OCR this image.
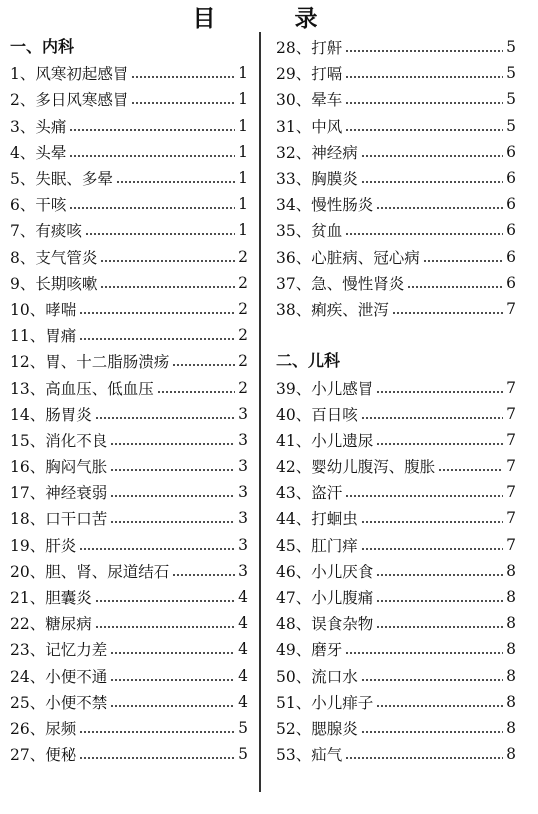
目　录
一、内科
1、 风寒初起感冒	1
2、 多日风寒感冒	1
3、 头痛	1
4、 头晕	1
5、 失眠、多晕	1
6、 干咳	1
7、 有痰咳	1
8、 支气管炎	2
9、 长期咳嗽	2
10、 哮喘	2
11、 胃痛	2
12、 胃、十二脂肠溃疡	2
13、 高血压、低血压	2
14、 肠胃炎	3
15、 消化不良	3
16、 胸闷气胀	3
17、 神经衰弱	3
18、 口干口苦	3
19、 肝炎	3
20、 胆、肾、尿道结石	3
21、 胆囊炎	4
22、 糖尿病	4
23、 记忆力差	4
24、 小便不通	4
25、 小便不禁	4
26、 尿频	5
27、 便秘	5
28、 打鼾	5
29、 打嗝	5
30、 晕车	5
31、 中风	5
32、 神经病	6
33、 胸膜炎	6
34、 慢性肠炎	6
35、 贫血	6
36、 心脏病、冠心病	6
37、 急、慢性肾炎	6
38、 痢疾、泄泻	7
二、儿科
39、 小儿感冒	7
40、 百日咳	7
41、 小儿遗尿	7
42、 婴幼儿腹泻、腹胀	7
43、 盗汗	7
44、 打蛔虫	7
45、 肛门痒	7
46、 小儿厌食	8
47、 小儿腹痛	8
48、 误食杂物	8
49、 磨牙	8
50、 流口水	8
51、 小儿痱子	8
52、 腮腺炎	8
53、 疝气	8
